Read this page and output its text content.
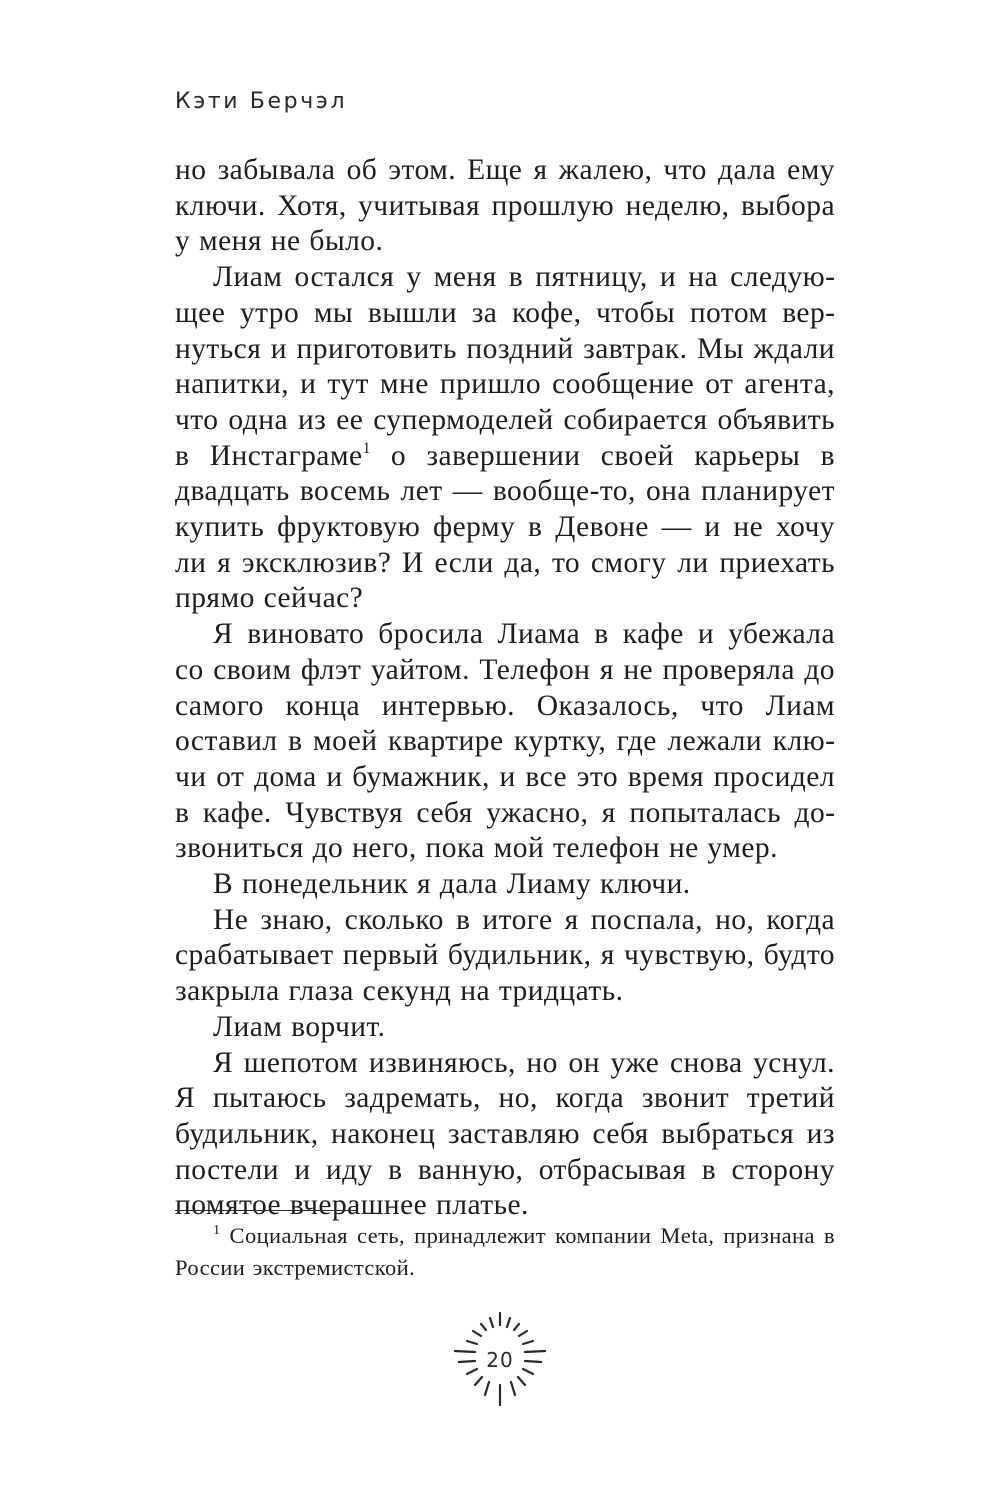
Кэти Берчэл

но забывала об этом. Еще я жалею, что дала ему ключи. Хотя, учитывая прошлую неделю, выбора у меня не было.

Лиам остался у меня в пятницу, и на следующее утро мы вышли за кофе, чтобы потом вернуться и приготовить поздний завтрак. Мы ждали напитки, и тут мне пришло сообщение от агента, что одна из ее супермоделей собирается объявить в Инстаграме$^1$ о завершении своей карьеры в двадцать восемь лет — вообще-то, она планирует купить фруктовую ферму в Девоне — и не хочу ли я эксклюзив? И если да, то смогу ли приехать прямо сейчас?

Я виновато бросила Лиама в кафе и убежала со своим флэт уайтом. Телефон я не проверяла до самого конца интервью. Оказалось, что Лиам оставил в моей квартире куртку, где лежали ключи от дома и бумажник, и все это время просидел в кафе. Чувствуя себя ужасно, я попыталась дозвониться до него, пока мой телефон не умер.

В понедельник я дала Лиаму ключи.

Не знаю, сколько в итоге я поспала, но, когда срабатывает первый будильник, я чувствую, будто закрыла глаза секунд на тридцать.

Лиам ворчит.

Я шепотом извиняюсь, но он уже снова уснул. Я пытаюсь задремать, но, когда звонит третий будильник, наконец заставляю себя выбраться из постели и иду в ванную, отбрасывая в сторону помятое вчерашнее платье.

$^1$ Социальная сеть, принадлежит компании Meta, признана в России экстремистской.

20
